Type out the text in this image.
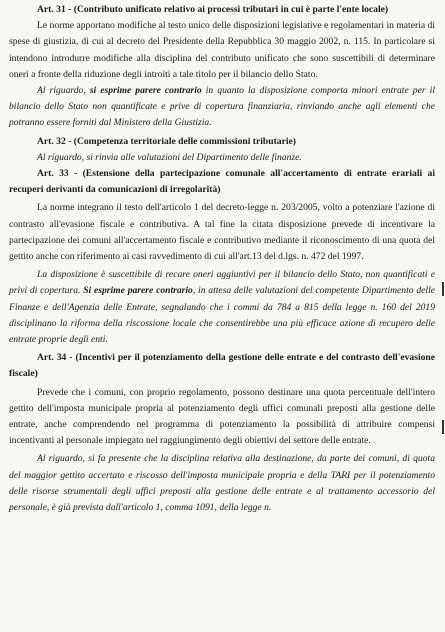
Art. 31 - (Contributo unificato relativo ai processi tributari in cui è parte l'ente locale)

Le norme apportano modifiche al testo unico delle disposizioni legislative e regolamentari in materia di spese di giustizia, di cui al decreto del Presidente della Repubblica 30 maggio 2002, n. 115. In particolare si intendono introdurre modifiche alla disciplina del contributo unificato che sono suscettibili di determinare oneri a fronte della riduzione degli introiti a tale titolo per il bilancio dello Stato.

Al riguardo, si esprime parere contrario in quanto la disposizione comporta minori entrate per il bilancio dello Stato non quantificate e prive di copertura finanziaria, rinviando anche agli elementi che potranno essere forniti dal Ministero della Giustizia.

Art. 32 - (Competenza territoriale delle commissioni tributarie)

Al riguardo, si rinvia alle valutazioni del Dipartimento delle finanze.

Art. 33 - (Estensione della partecipazione comunale all'accertamento di entrate erariali ai recuperi derivanti da comunicazioni di irregolarità)

La norme integrano il testo dell'articolo 1 del decreto-legge n. 203/2005, volto a potenziare l'azione di contrasto all'evasione fiscale e contributiva. A tal fine la citata disposizione prevede di incentivare la partecipazione dei comuni all'accertamento fiscale e contributivo mediante il riconoscimento di una quota del gettito anche con riferimento ai casi ravvedimento di cui all'art.13 del d.lgs. n. 472 del 1997.

La disposizione è suscettibile di recare oneri aggiuntivi per il bilancio dello Stato, non quantificati e privi di copertura. Si esprime parere contrario, in attesa delle valutazioni del competente Dipartimento delle Finanze e dell'Agenzia delle Entrate, segnalando che i commi da 784 a 815 della legge n. 160 del 2019 disciplinano la riforma della riscossione locale che consentirebbe una più efficace azione di recupero delle entrate proprie degli enti.

Art. 34 - (Incentivi per il potenziamento della gestione delle entrate e del contrasto dell'evasione fiscale)

Prevede che i comuni, con proprio regolamento, possono destinare una quota percentuale dell'intero gettito dell'imposta municipale propria al potenziamento degli uffici comunali preposti alla gestione delle entrate, anche comprendendo nel programma di potenziamento la possibilità di attribuire compensi incentivanti al personale impiegato nel raggiungimento degli obiettivi del settore delle entrate.

Al riguardo, si fa presente che la disciplina relativa alla destinazione, da parte dei comuni, di quota del maggior gettito accertato e riscosso dell'imposta municipale propria e della TARI per il potenziamento delle risorse strumentali degli uffici preposti alla gestione delle entrate e al trattamento accessorio del personale, è già prevista dall'articolo 1, comma 1091, della legge n.
